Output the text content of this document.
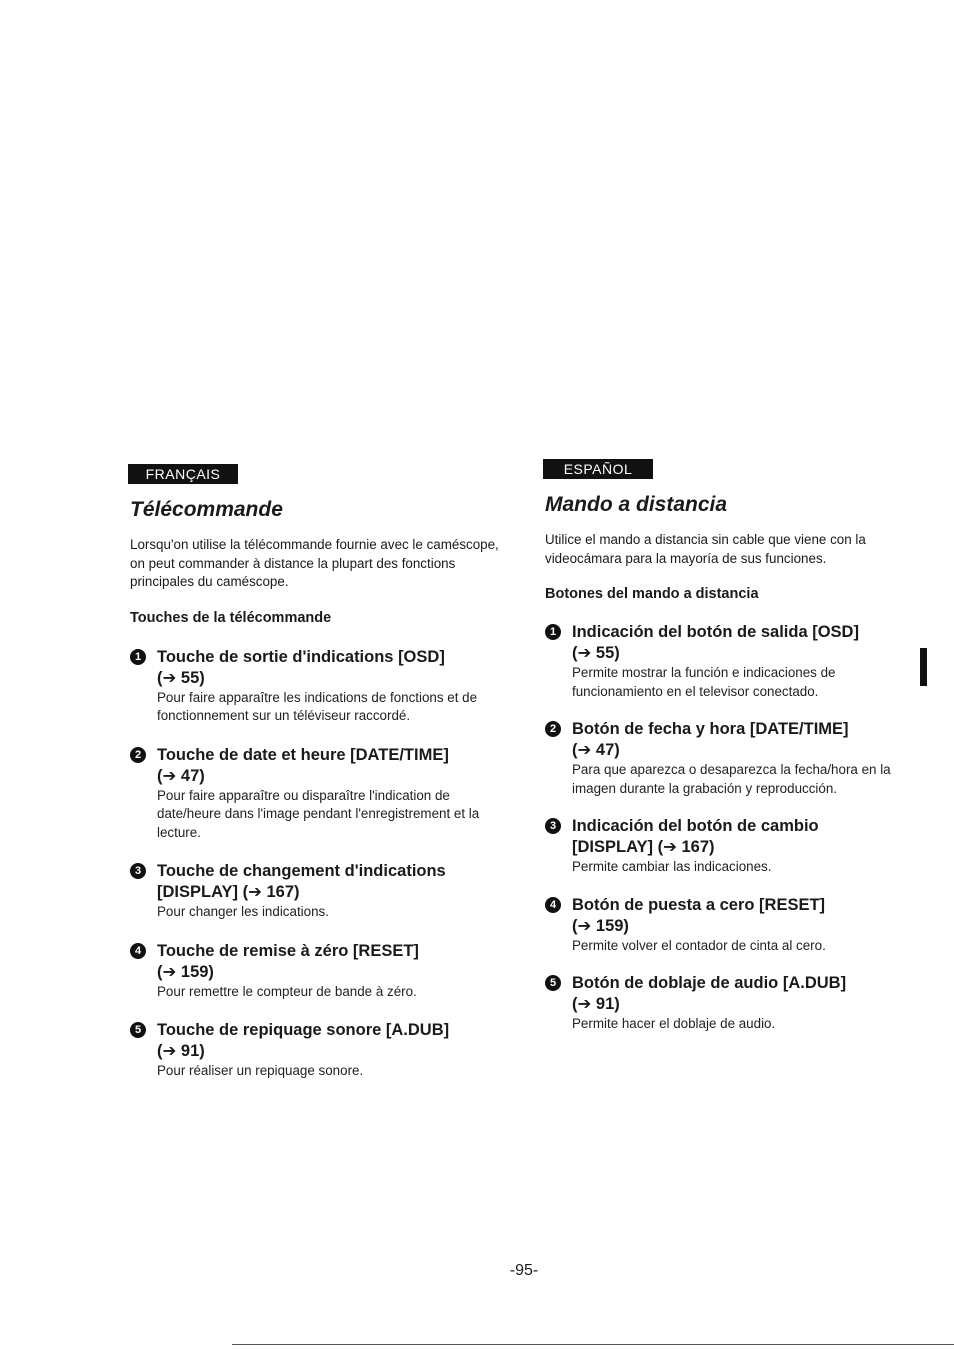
FRANÇAIS
Télécommande
Lorsqu'on utilise la télécommande fournie avec le caméscope, on peut commander à distance la plupart des fonctions principales du caméscope.
Touches de la télécommande
1 Touche de sortie d'indications [OSD]
(➔ 55)
Pour faire apparaître les indications de fonctions et de fonctionnement sur un téléviseur raccordé.
2 Touche de date et heure [DATE/TIME]
(➔ 47)
Pour faire apparaître ou disparaître l'indication de date/heure dans l'image pendant l'enregistrement et la lecture.
3 Touche de changement d'indications
[DISPLAY] (➔ 167)
Pour changer les indications.
4 Touche de remise à zéro [RESET]
(➔ 159)
Pour remettre le compteur de bande à zéro.
5 Touche de repiquage sonore [A.DUB]
(➔ 91)
Pour réaliser un repiquage sonore.
ESPAÑOL
Mando a distancia
Utilice el mando a distancia sin cable que viene con la videocámara para la mayoría de sus funciones.
Botones del mando a distancia
1 Indicación del botón de salida [OSD]
(➔ 55)
Permite mostrar la función e indicaciones de funcionamiento en el televisor conectado.
2 Botón de fecha y hora [DATE/TIME]
(➔ 47)
Para que aparezca o desaparezca la fecha/hora en la imagen durante la grabación y reproducción.
3 Indicación del botón de cambio
[DISPLAY] (➔ 167)
Permite cambiar las indicaciones.
4 Botón de puesta a cero [RESET]
(➔ 159)
Permite volver el contador de cinta al cero.
5 Botón de doblaje de audio [A.DUB]
(➔ 91)
Permite hacer el doblaje de audio.
-95-
